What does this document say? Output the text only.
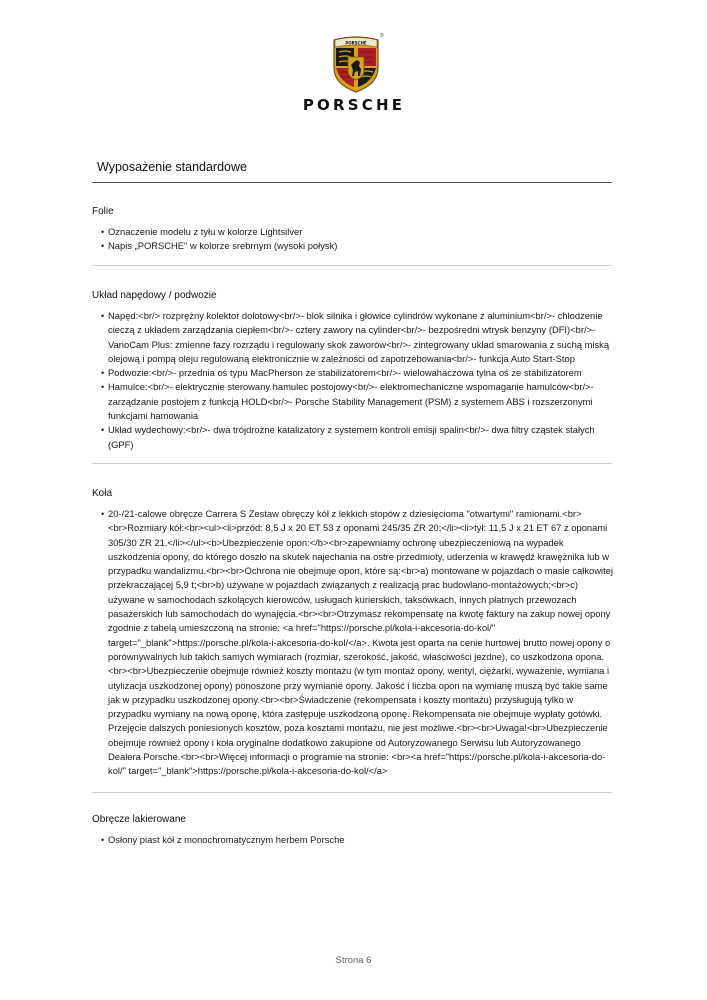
PORSCHE
®
PORSCHE
Wyposażenie standardowe
Folie
• Oznaczenie modelu z tyłu w kolorze Lightsilver
• Napis „PORSCHE" w kolorze srebrnym (wysoki połysk)
Układ napędowy / podwozie
• Napęd:<br/> rozprężny kolektor dolotowy<br/>- blok silnika i głowice cylindrów wykonane z aluminium<br/>- chłodzenie cieczą z układem zarządzania ciepłem<br/>- cztery zawory na cylinder<br/>- bezpośredni wtrysk benzyny (DFI)<br/>- VarioCam Plus: zmienne fazy rozrządu i regulowany skok zaworów<br/>- zintegrowany układ smarowania z suchą miską olejową i pompą oleju regulowaną elektronicznie w zależności od zapotrzebowania<br/>- funkcja Auto Start-Stop
• Podwozie:<br/>- przednia oś typu MacPherson ze stabilizatorem<br/>- wielowahaczowa tylna oś ze stabilizatorem
• Hamulce:<br/>- elektrycznie sterowany hamulec postojowy<br/>- elektromechaniczne wspomaganie hamulców<br/>- zarządzanie postojem z funkcją HOLD<br/>- Porsche Stability Management (PSM) z systemem ABS i rozszerzonymi funkcjami hamowania
• Układ wydechowy:<br/>- dwa trójdrożne katalizatory z systemem kontroli emisji spalin<br/>- dwa filtry cząstek stałych (GPF)
Koła
• 20-/21-calowe obręcze Carrera S Zestaw obręczy kół z lekkich stopów z dziesięcioma "otwartymi" ramionami.<br> <br>Rozmiary kół:<br><ul><li>przód: 8,5 J x 20 ET 53 z oponami 245/35 ZR 20;</li><li>tył: 11,5 J x 21 ET 67 z oponami 305/30 ZR 21.</li></ul><b>Ubezpieczenie opon:</b><br>zapewniamy ochronę ubezpieczeniową na wypadek uszkodzenia opony, do którego doszło na skutek najechania na ostre przedmioty, uderzenia w krawędź krawężnika lub w przypadku wandalizmu.<br><br>Ochrona nie obejmuje opon, które są:<br>a) montowane w pojazdach o masie całkowitej przekraczającej 5,9 t;<br>b) używane w pojazdach związanych z realizacją prac budowlano-montażowych;<br>c) używane w samochodach szkolących kierowców, usługach kurierskich, taksówkach, innych płatnych przewozach pasażerskich lub samochodach do wynajęcia.<br><br>Otrzymasz rekompensatę na kwotę faktury na zakup nowej opony zgodnie z tabelą umieszczoną na stronie: <a href="https://porsche.pl/kola-i-akcesoria-do-kol/" target="_blank">https://porsche.pl/kola-i-akcesoria-do-kol/</a>. Kwota jest oparta na cenie hurtowej brutto nowej opony o porównywalnych lub takich samych wymiarach (rozmiar, szerokość, jakość, właściwości jezdne), co uszkodzona opona.<br><br>Ubezpieczenie obejmuje również koszty montażu (w tym montaż opony, wentyl, ciężarki, wyważenie, wymiana i utylizacja uszkodzonej opony) ponoszone przy wymianie opony. Jakość i liczba opon na wymianę muszą być takie same jak w przypadku uszkodzonej opony.<br><br>Świadczenie (rekompensata i koszty montażu) przysługują tylko w przypadku wymiany na nową oponę, która zastępuje uszkodzoną oponę. Rekompensata nie obejmuje wypłaty gotówki. Przejęcie dalszych poniesionych kosztów, poza kosztami montażu, nie jest możliwe.<br><br>Uwaga!<br>Ubezpieczenie obejmuje również opony i koła oryginalne dodatkowo zakupione od Autoryzowanego Serwisu lub Autoryzowanego Dealera Porsche.<br><br>Więcej informacji o programie na stronie: <br><a href="https://porsche.pl/kola-i-akcesoria-do-kol/" target="_blank">https://porsche.pl/kola-i-akcesoria-do-kol/</a>
Obręcze lakierowane
• Osłony piast kół z monochromatycznym herbem Porsche
Strona 6
